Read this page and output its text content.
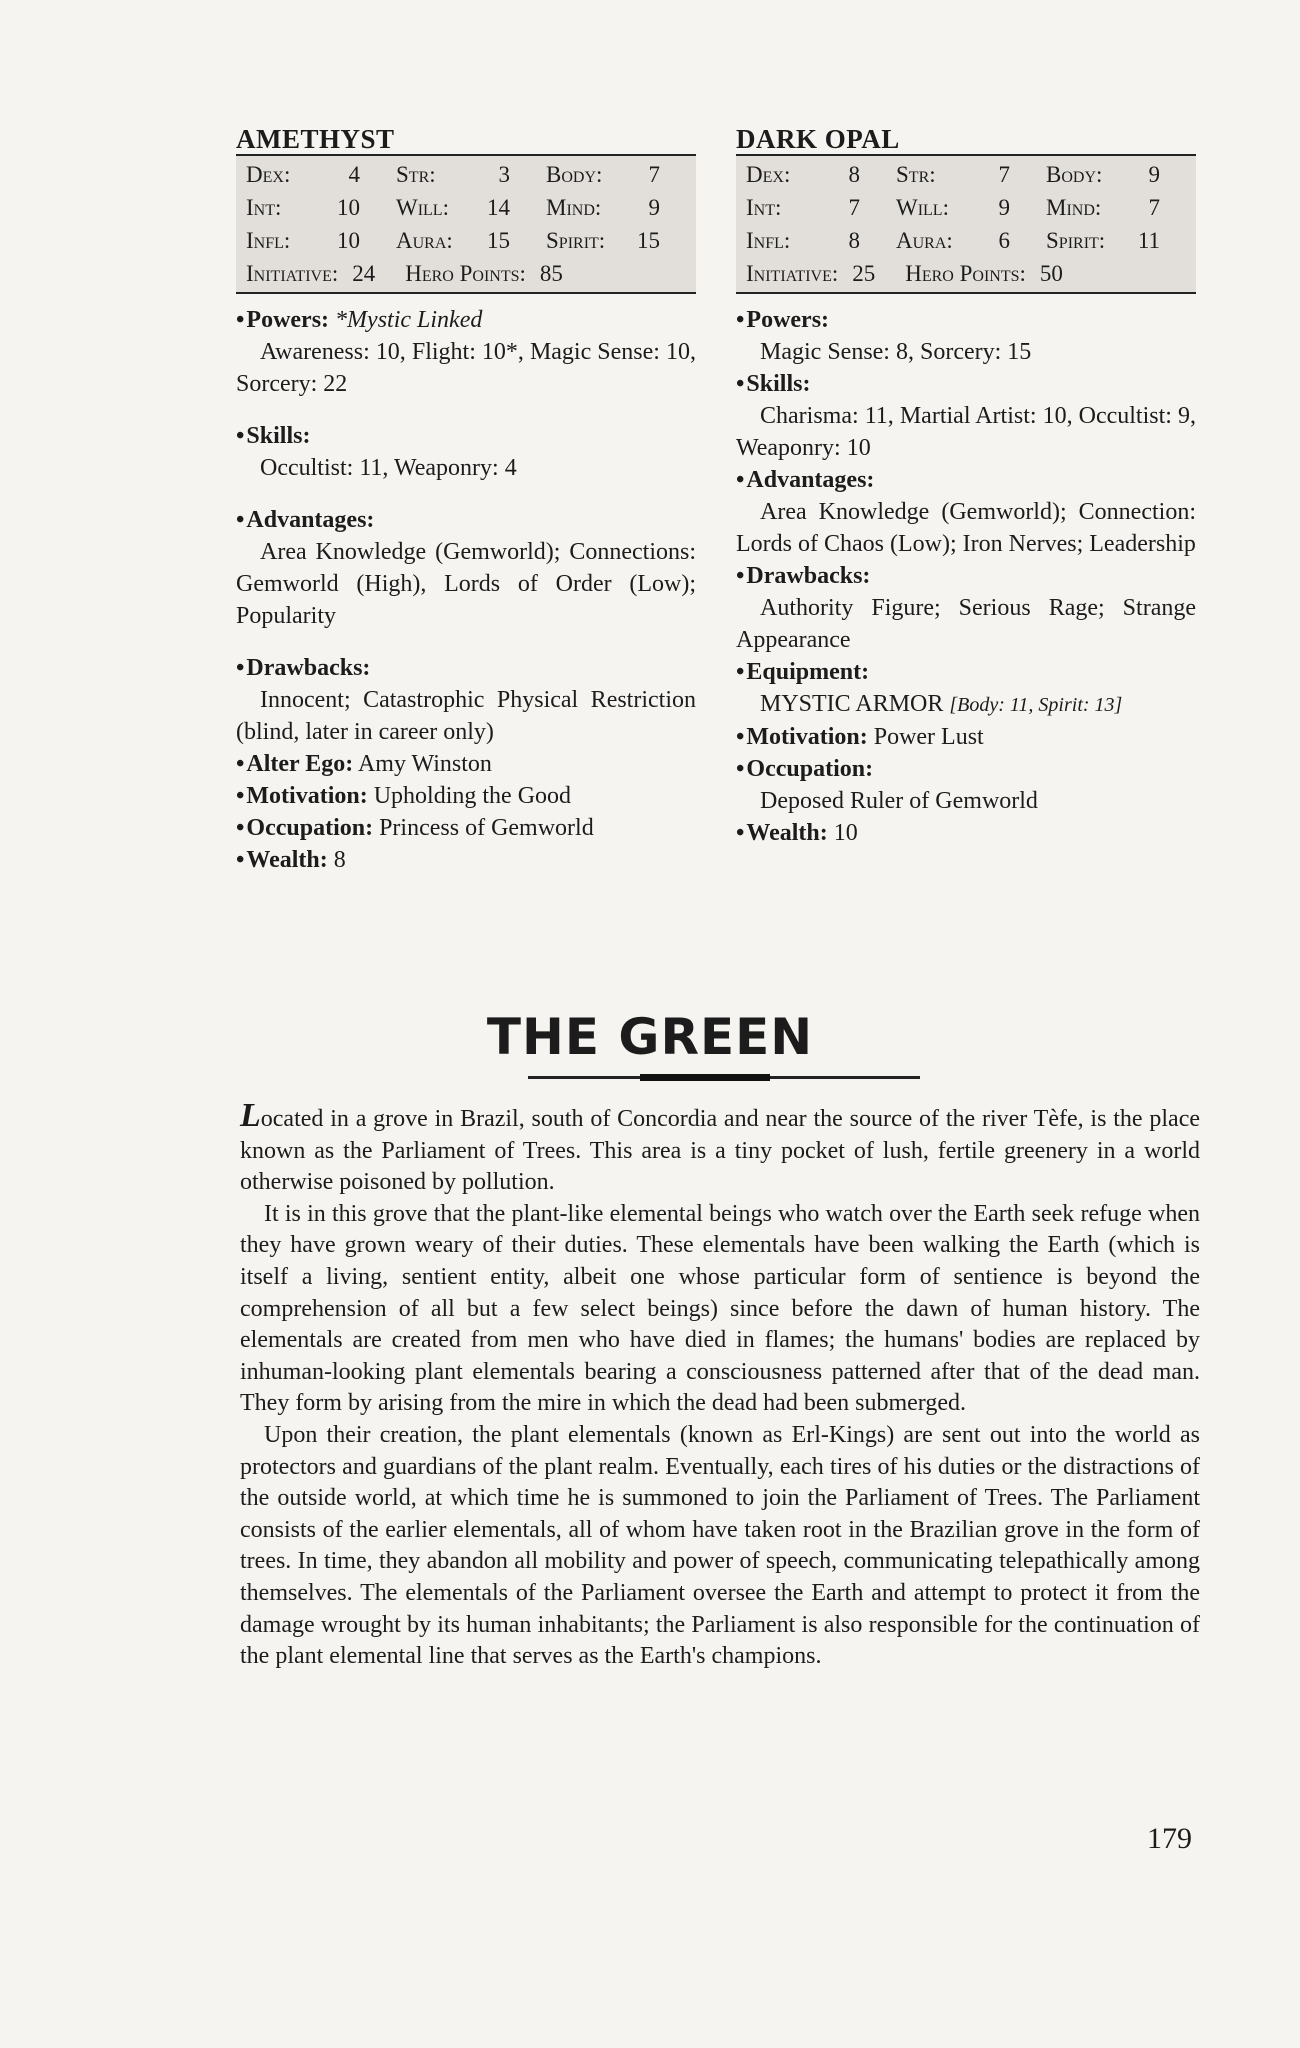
AMETHYST
Dex:	4	Str:	3	Body:	7
Int:	10	Will:	14	Mind:	9
Infl:	10	Aura:	15	Spirit:	15
Initiative: 24	Hero Points: 85
•Powers: *Mystic Linked
Awareness: 10, Flight: 10*, Magic Sense: 10, Sorcery: 22
•Skills:
Occultist: 11, Weaponry: 4
•Advantages:
Area Knowledge (Gemworld); Connections: Gemworld (High), Lords of Order (Low); Popularity
•Drawbacks:
Innocent; Catastrophic Physical Restriction (blind, later in career only)
•Alter Ego: Amy Winston
•Motivation: Upholding the Good
•Occupation: Princess of Gemworld
•Wealth: 8
DARK OPAL
Dex:	8	Str:	7	Body:	9
Int:	7	Will:	9	Mind:	7
Infl:	8	Aura:	6	Spirit:	11
Initiative: 25	Hero Points: 50
•Powers:
Magic Sense: 8, Sorcery: 15
•Skills:
Charisma: 11, Martial Artist: 10, Occultist: 9, Weaponry: 10
•Advantages:
Area Knowledge (Gemworld); Connection: Lords of Chaos (Low); Iron Nerves; Leadership
•Drawbacks:
Authority Figure; Serious Rage; Strange Appearance
•Equipment:
MYSTIC ARMOR [Body: 11, Spirit: 13]
•Motivation: Power Lust
•Occupation:
Deposed Ruler of Gemworld
•Wealth: 10
THE GREEN

Located in a grove in Brazil, south of Concordia and near the source of the river Tèfe, is the place known as the Parliament of Trees. This area is a tiny pocket of lush, fertile greenery in a world otherwise poisoned by pollution.

It is in this grove that the plant-like elemental beings who watch over the Earth seek refuge when they have grown weary of their duties. These elementals have been walking the Earth (which is itself a living, sentient entity, albeit one whose particular form of sentience is beyond the comprehension of all but a few select beings) since before the dawn of human history. The elementals are created from men who have died in flames; the humans' bodies are replaced by inhuman-looking plant elementals bearing a consciousness patterned after that of the dead man. They form by arising from the mire in which the dead had been submerged.

Upon their creation, the plant elementals (known as Erl-Kings) are sent out into the world as protectors and guardians of the plant realm. Eventually, each tires of his duties or the distractions of the outside world, at which time he is summoned to join the Parliament of Trees. The Parliament consists of the earlier elementals, all of whom have taken root in the Brazilian grove in the form of trees. In time, they abandon all mobility and power of speech, communicating telepathically among themselves. The elementals of the Parliament oversee the Earth and attempt to protect it from the damage wrought by its human inhabitants; the Parliament is also responsible for the continuation of the plant elemental line that serves as the Earth's champions.

179
